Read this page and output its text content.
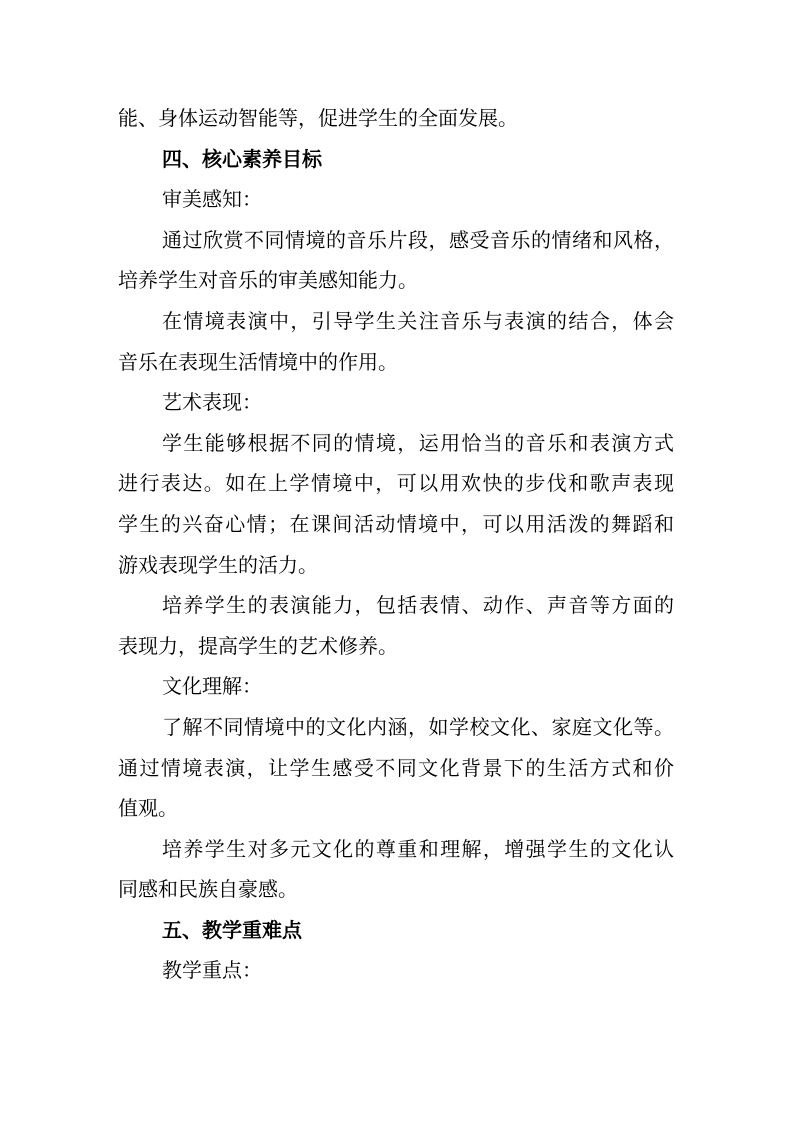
能、身体运动智能等，促进学生的全面发展。
四、核心素养目标
审美感知：
通过欣赏不同情境的音乐片段，感受音乐的情绪和风格，
培养学生对音乐的审美感知能力。
在情境表演中，引导学生关注音乐与表演的结合，体会
音乐在表现生活情境中的作用。
艺术表现：
学生能够根据不同的情境，运用恰当的音乐和表演方式
进行表达。如在上学情境中，可以用欢快的步伐和歌声表现
学生的兴奋心情；在课间活动情境中，可以用活泼的舞蹈和
游戏表现学生的活力。
培养学生的表演能力，包括表情、动作、声音等方面的
表现力，提高学生的艺术修养。
文化理解：
了解不同情境中的文化内涵，如学校文化、家庭文化等。
通过情境表演，让学生感受不同文化背景下的生活方式和价
值观。
培养学生对多元文化的尊重和理解，增强学生的文化认
同感和民族自豪感。
五、教学重难点
教学重点：
